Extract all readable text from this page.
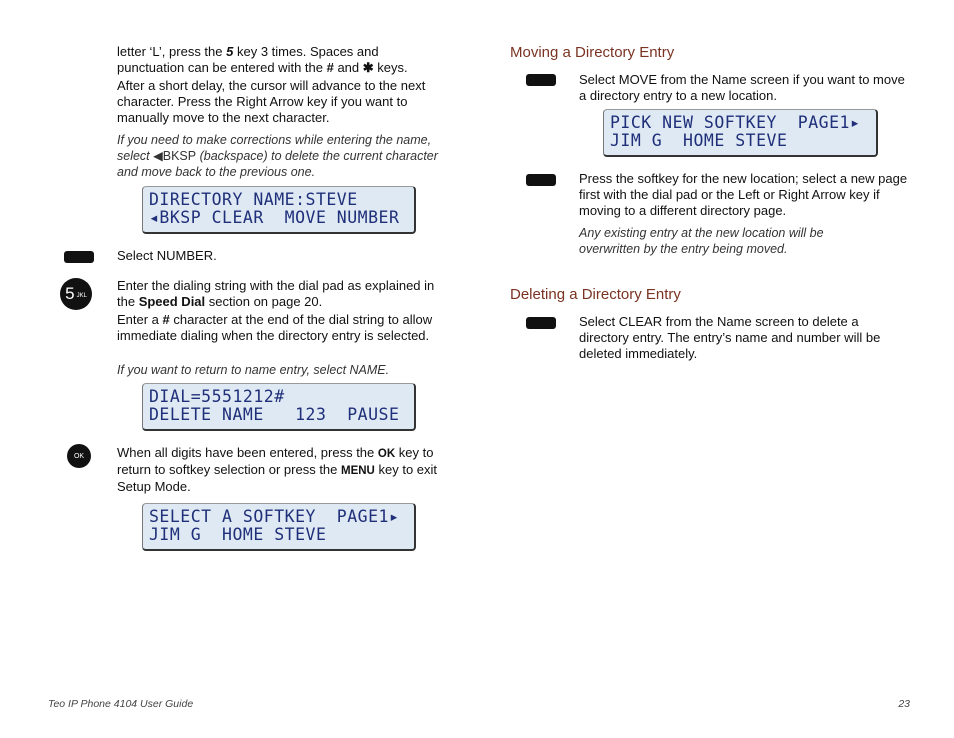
letter ‘L’, press the 5 key 3 times. Spaces and punctuation can be entered with the # and ✱ keys.

After a short delay, the cursor will advance to the next character. Press the Right Arrow key if you want to manually move to the next character.

If you need to make corrections while entering the name, select ◀BKSP (backspace) to delete the current character and move back to the previous one.
DIRECTORY NAME:STEVE
◂BKSP CLEAR  MOVE NUMBER

Select NUMBER.

5 JKL
Enter the dialing string with the dial pad as explained in the Speed Dial section on page 20.
Enter a # character at the end of the dial string to allow immediate dialing when the directory entry is selected.

If you want to return to name entry, select NAME.

DIAL=5551212#
DELETE NAME   123  PAUSE
OK	When all digits have been entered, press the OK key to return to softkey selection or press the MENU key to exit Setup Mode.
SELECT A SOFTKEY  PAGE1▸
JIM G  HOME STEVE

Moving a Directory Entry

Select MOVE from the Name screen if you want to move a directory entry to a new location.

PICK NEW SOFTKEY  PAGE1▸
JIM G  HOME STEVE

Press the softkey for the new location; select a new page first with the dial pad or the Left or Right Arrow key if moving to a different directory page.

Any existing entry at the new location will be overwritten by the entry being moved.

Deleting a Directory Entry

Select CLEAR from the Name screen to delete a directory entry. The entry’s name and number will be deleted immediately.

Teo IP Phone 4104 User Guide	23
